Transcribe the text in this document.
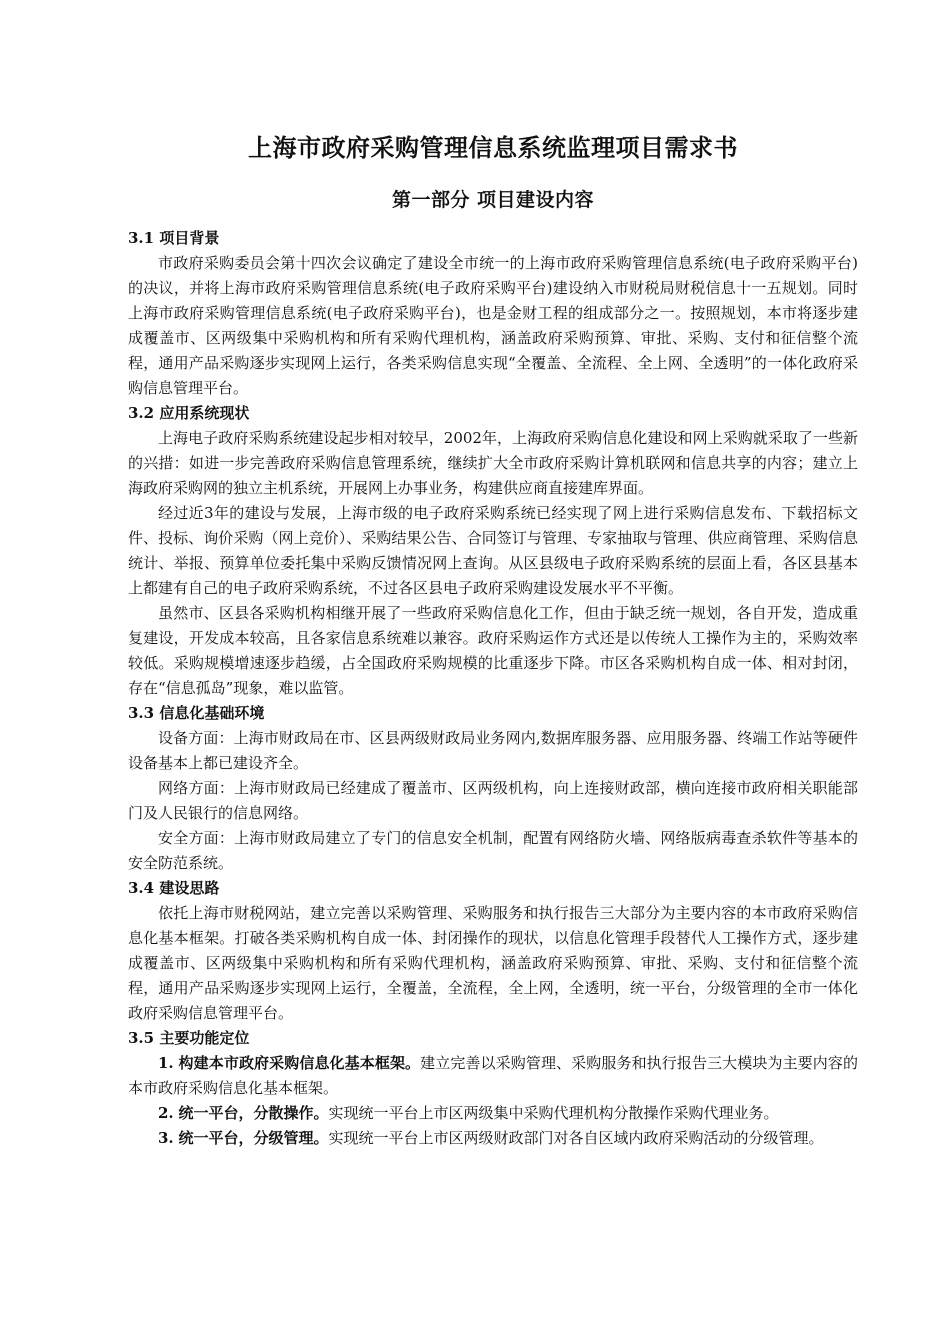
上海市政府采购管理信息系统监理项目需求书
第一部分 项目建设内容

3.1 项目背景

市政府采购委员会第十四次会议确定了建设全市统一的上海市政府采购管理信息系统(电子政府采购平台)的决议，并将上海市政府采购管理信息系统(电子政府采购平台)建设纳入市财税局财税信息十一五规划。同时上海市政府采购管理信息系统(电子政府采购平台)，也是金财工程的组成部分之一。按照规划，本市将逐步建成覆盖市、区两级集中采购机构和所有采购代理机构，涵盖政府采购预算、审批、采购、支付和征信整个流程，通用产品采购逐步实现网上运行，各类采购信息实现“全覆盖、全流程、全上网、全透明”的一体化政府采购信息管理平台。

3.2 应用系统现状

上海电子政府采购系统建设起步相对较早，2002年，上海政府采购信息化建设和网上采购就采取了一些新的兴措：如进一步完善政府采购信息管理系统，继续扩大全市政府采购计算机联网和信息共享的内容；建立上海政府采购网的独立主机系统，开展网上办事业务，构建供应商直接建库界面。

经过近3年的建设与发展，上海市级的电子政府采购系统已经实现了网上进行采购信息发布、下载招标文件、投标、询价采购（网上竞价）、采购结果公告、合同签订与管理、专家抽取与管理、供应商管理、采购信息统计、举报、预算单位委托集中采购反馈情况网上查询。从区县级电子政府采购系统的层面上看，各区县基本上都建有自己的电子政府采购系统，不过各区县电子政府采购建设发展水平不平衡。

虽然市、区县各采购机构相继开展了一些政府采购信息化工作，但由于缺乏统一规划，各自开发，造成重复建设，开发成本较高，且各家信息系统难以兼容。政府采购运作方式还是以传统人工操作为主的，采购效率较低。采购规模增速逐步趋缓，占全国政府采购规模的比重逐步下降。市区各采购机构自成一体、相对封闭，存在“信息孤岛”现象，难以监管。

3.3 信息化基础环境

设备方面：上海市财政局在市、区县两级财政局业务网内,数据库服务器、应用服务器、终端工作站等硬件设备基本上都已建设齐全。

网络方面：上海市财政局已经建成了覆盖市、区两级机构，向上连接财政部，横向连接市政府相关职能部门及人民银行的信息网络。

安全方面：上海市财政局建立了专门的信息安全机制，配置有网络防火墙、网络版病毒查杀软件等基本的安全防范系统。

3.4 建设思路

依托上海市财税网站，建立完善以采购管理、采购服务和执行报告三大部分为主要内容的本市政府采购信息化基本框架。打破各类采购机构自成一体、封闭操作的现状，以信息化管理手段替代人工操作方式，逐步建成覆盖市、区两级集中采购机构和所有采购代理机构，涵盖政府采购预算、审批、采购、支付和征信整个流程，通用产品采购逐步实现网上运行，全覆盖，全流程，全上网，全透明，统一平台，分级管理的全市一体化政府采购信息管理平台。

3.5 主要功能定位

1. 构建本市政府采购信息化基本框架。建立完善以采购管理、采购服务和执行报告三大模块为主要内容的本市政府采购信息化基本框架。

2. 统一平台，分散操作。实现统一平台上市区两级集中采购代理机构分散操作采购代理业务。

3. 统一平台，分级管理。实现统一平台上市区两级财政部门对各自区域内政府采购活动的分级管理。
